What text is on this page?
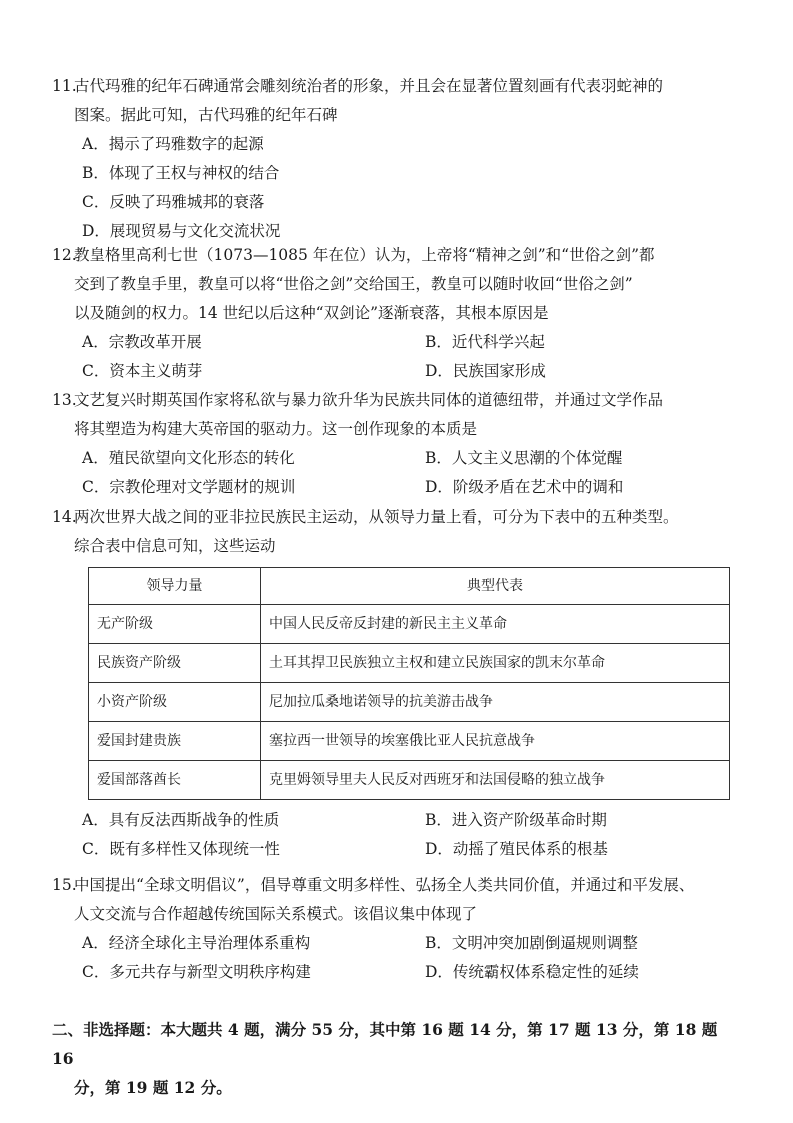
11.古代玛雅的纪年石碑通常会雕刻统治者的形象，并且会在显著位置刻画有代表羽蛇神的
图案。据此可知，古代玛雅的纪年石碑
A．揭示了玛雅数字的起源
B．体现了王权与神权的结合
C．反映了玛雅城邦的衰落
D．展现贸易与文化交流状况
12.教皇格里高利七世（1073—1085 年在位）认为，上帝将“精神之剑”和“世俗之剑”都
交到了教皇手里，教皇可以将“世俗之剑”交给国王，教皇可以随时收回“世俗之剑”
以及随剑的权力。14 世纪以后这种“双剑论”逐渐衰落，其根本原因是
A．宗教改革开展	B．近代科学兴起
C．资本主义萌芽	D．民族国家形成
13.文艺复兴时期英国作家将私欲与暴力欲升华为民族共同体的道德纽带，并通过文学作品
将其塑造为构建大英帝国的驱动力。这一创作现象的本质是
A．殖民欲望向文化形态的转化	B．人文主义思潮的个体觉醒
C．宗教伦理对文学题材的规训	D．阶级矛盾在艺术中的调和
14.两次世界大战之间的亚非拉民族民主运动，从领导力量上看，可分为下表中的五种类型。
综合表中信息可知，这些运动
领导力量	典型代表
无产阶级	中国人民反帝反封建的新民主主义革命
民族资产阶级	土耳其捍卫民族独立主权和建立民族国家的凯末尔革命
小资产阶级	尼加拉瓜桑地诺领导的抗美游击战争
爱国封建贵族	塞拉西一世领导的埃塞俄比亚人民抗意战争
爱国部落酋长	克里姆领导里夫人民反对西班牙和法国侵略的独立战争
A．具有反法西斯战争的性质	B．进入资产阶级革命时期
C．既有多样性又体现统一性	D．动摇了殖民体系的根基
15.中国提出“全球文明倡议”，倡导尊重文明多样性、弘扬全人类共同价值，并通过和平发展、
人文交流与合作超越传统国际关系模式。该倡议集中体现了
A．经济全球化主导治理体系重构	B．文明冲突加剧倒逼规则调整
C．多元共存与新型文明秩序构建	D．传统霸权体系稳定性的延续
二、非选择题：本大题共 4 题，满分 55 分，其中第 16 题 14 分，第 17 题 13 分，第 18 题 16
分，第 19 题 12 分。
